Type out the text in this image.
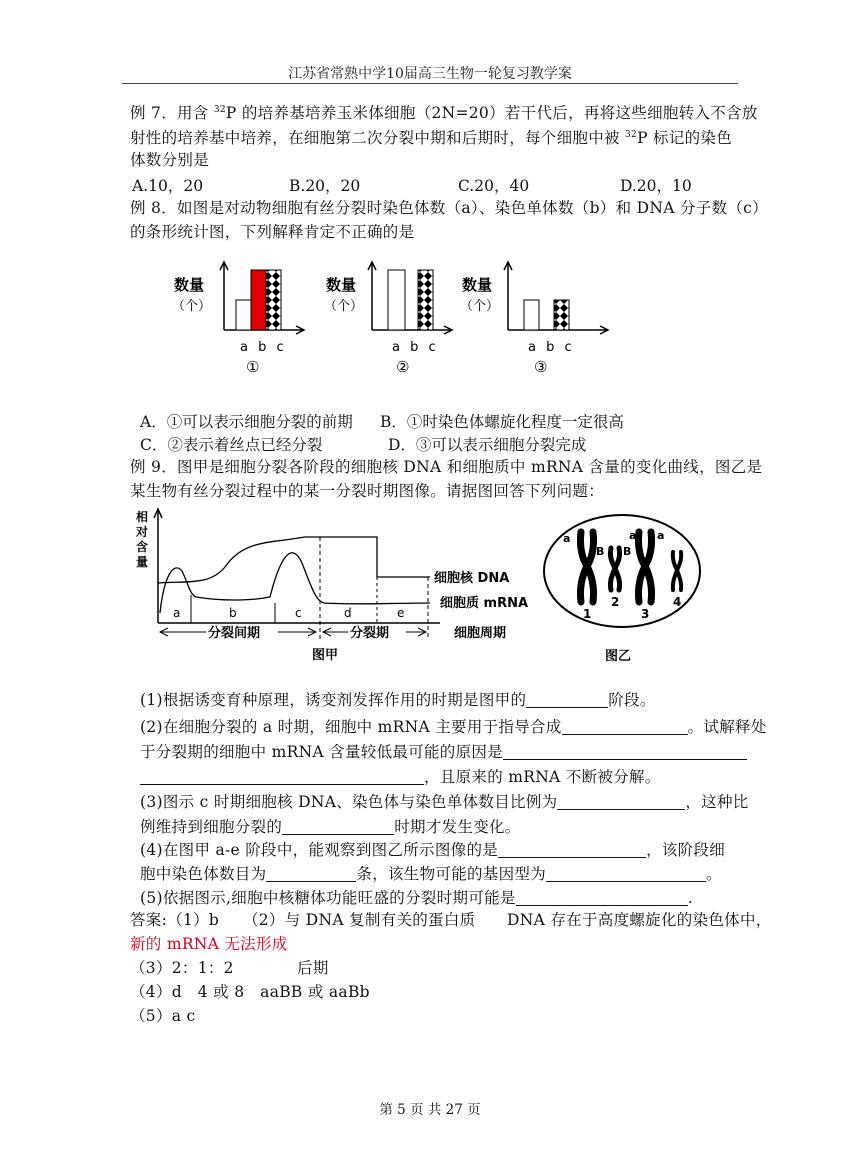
江苏省常熟中学10届高三生物一轮复习教学案
例 7．用含 $^{32}$P 的培养基培养玉米体细胞（2N=20）若干代后，再将这些细胞转入不含放
射性的培养基中培养，在细胞第二次分裂中期和后期时，每个细胞中被 $^{32}$P 标记的染色
体数分别是
A.10，20	B.20，20	C.20，40	D.20，10
例 8．如图是对动物细胞有丝分裂时染色体数（a）、染色单体数（b）和 DNA 分子数（c）
的条形统计图，下列解释肯定不正确的是
数量
（个）
a b c
①
数量
（个）
a b c
②
数量
（个）
a b c
③
A．①可以表示细胞分裂的前期 B．①时染色体螺旋化程度一定很高
C．②表示着丝点已经分裂	D．③可以表示细胞分裂完成
例 9．图甲是细胞分裂各阶段的细胞核 DNA 和细胞质中 mRNA 含量的变化曲线，图乙是
某生物有丝分裂过程中的某一分裂时期图像。请据图回答下列问题：
相
对
含
量
a	b	c	d	e
分裂间期	分裂期	细胞周期
细胞核 DNA
细胞质 mRNA
图甲
a
B B
a a
1
2
3
4
图乙
(1)根据诱变育种原理，诱变剂发挥作用的时期是图甲的	阶段。
(2)在细胞分裂的 a 时期，细胞中 mRNA 主要用于指导合成	。试解释处
于分裂期的细胞中 mRNA 含量较低最可能的原因是
，且原来的 mRNA 不断被分解。
(3)图示 c 时期细胞核 DNA、染色体与染色单体数目比例为	，这种比
例维持到细胞分裂的	时期才发生变化。
(4)在图甲 a-e 阶段中，能观察到图乙所示图像的是	，该阶段细
胞中染色体数目为	条，该生物可能的基因型为	。
(5)依据图示,细胞中核糖体功能旺盛的分裂时期可能是	.
答案:（1）b　　（2）与 DNA 复制有关的蛋白质　　DNA 存在于高度螺旋化的染色体中，
新的 mRNA 无法形成
（3）2：1：2　　　　后期
（4）d　4 或 8　aaBB 或 aaBb
（5）a c
第 5 页 共 27 页
